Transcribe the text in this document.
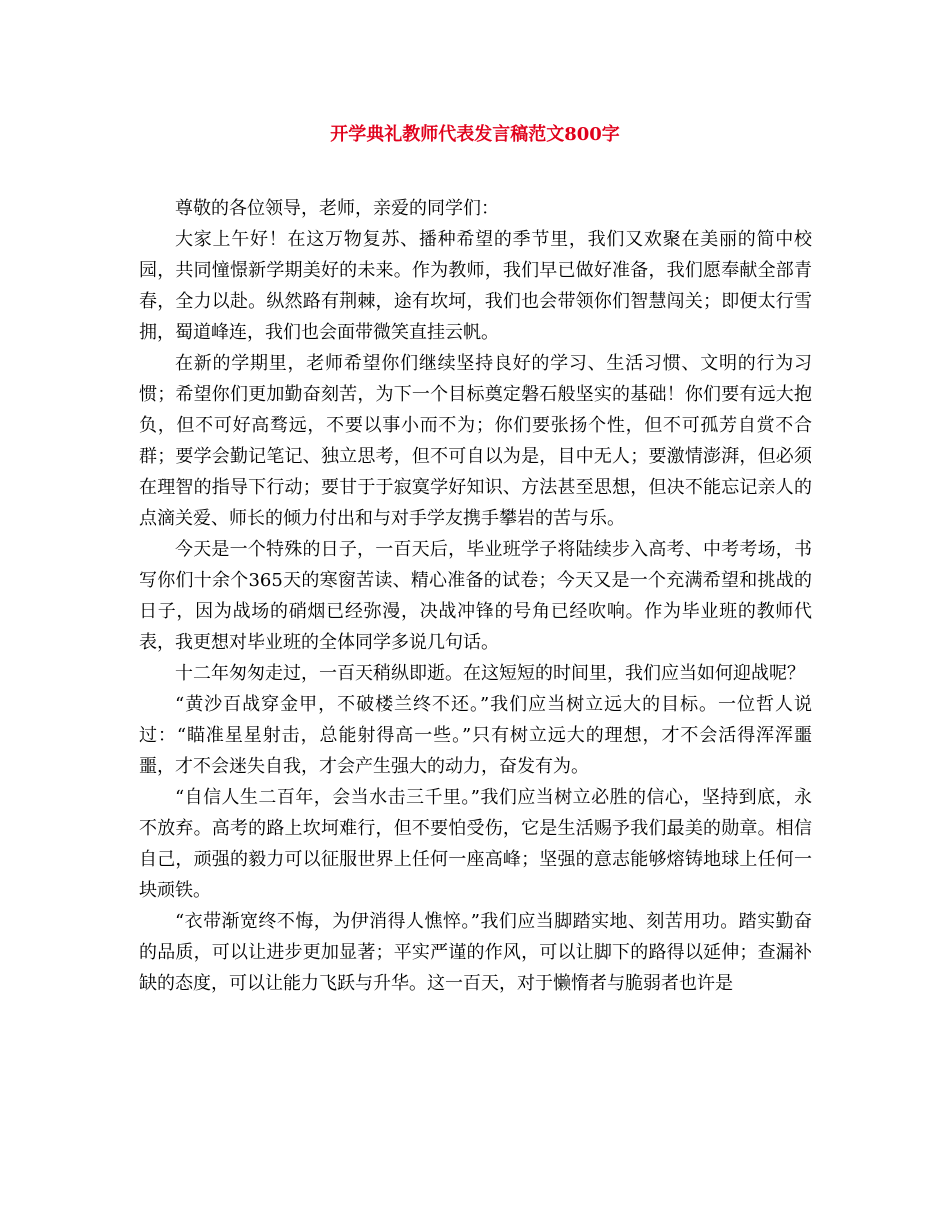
开学典礼教师代表发言稿范文800字

尊敬的各位领导，老师，亲爱的同学们：

大家上午好！在这万物复苏、播种希望的季节里，我们又欢聚在美丽的简中校园，共同憧憬新学期美好的未来。作为教师，我们早已做好准备，我们愿奉献全部青春，全力以赴。纵然路有荆棘，途有坎坷，我们也会带领你们智慧闯关；即便太行雪拥，蜀道峰连，我们也会面带微笑直挂云帆。

在新的学期里，老师希望你们继续坚持良好的学习、生活习惯、文明的行为习惯；希望你们更加勤奋刻苦，为下一个目标奠定磐石般坚实的基础！你们要有远大抱负，但不可好高骛远，不要以事小而不为；你们要张扬个性，但不可孤芳自赏不合群；要学会勤记笔记、独立思考，但不可自以为是，目中无人；要激情澎湃，但必须在理智的指导下行动；要甘于于寂寞学好知识、方法甚至思想，但决不能忘记亲人的点滴关爱、师长的倾力付出和与对手学友携手攀岩的苦与乐。

今天是一个特殊的日子，一百天后，毕业班学子将陆续步入高考、中考考场，书写你们十余个365天的寒窗苦读、精心准备的试卷；今天又是一个充满希望和挑战的日子，因为战场的硝烟已经弥漫，决战冲锋的号角已经吹响。作为毕业班的教师代表，我更想对毕业班的全体同学多说几句话。

十二年匆匆走过，一百天稍纵即逝。在这短短的时间里，我们应当如何迎战呢？

“黄沙百战穿金甲，不破楼兰终不还。”我们应当树立远大的目标。一位哲人说过：“瞄准星星射击，总能射得高一些。”只有树立远大的理想，才不会活得浑浑噩噩，才不会迷失自我，才会产生强大的动力，奋发有为。

“自信人生二百年，会当水击三千里。”我们应当树立必胜的信心，坚持到底，永不放弃。高考的路上坎坷难行，但不要怕受伤，它是生活赐予我们最美的勋章。相信自己，顽强的毅力可以征服世界上任何一座高峰；坚强的意志能够熔铸地球上任何一块顽铁。

“衣带渐宽终不悔，为伊消得人憔悴。”我们应当脚踏实地、刻苦用功。踏实勤奋的品质，可以让进步更加显著；平实严谨的作风，可以让脚下的路得以延伸；查漏补缺的态度，可以让能力飞跃与升华。这一百天，对于懒惰者与脆弱者也许是
